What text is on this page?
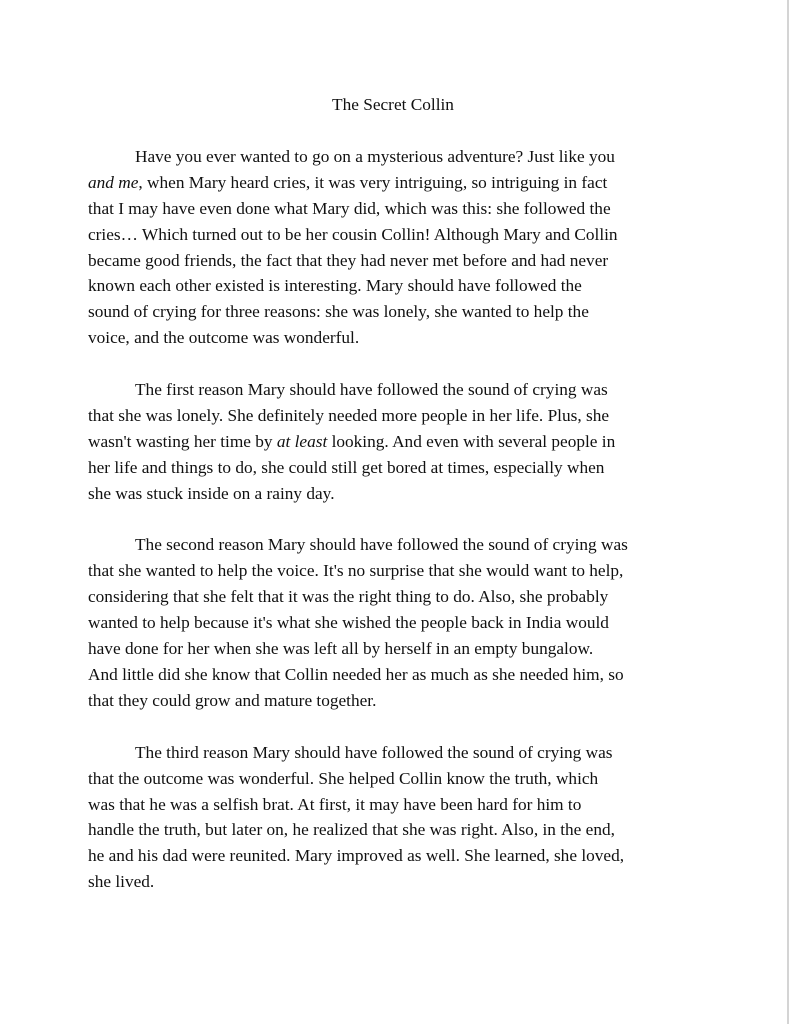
The Secret Collin
Have you ever wanted to go on a mysterious adventure? Just like you
and me, when Mary heard cries, it was very intriguing, so intriguing in fact
that I may have even done what Mary did, which was this: she followed the
cries… Which turned out to be her cousin Collin! Although Mary and Collin
became good friends, the fact that they had never met before and had never
known each other existed is interesting. Mary should have followed the
sound of crying for three reasons: she was lonely, she wanted to help the
voice, and the outcome was wonderful.
The first reason Mary should have followed the sound of crying was
that she was lonely. She definitely needed more people in her life. Plus, she
wasn't wasting her time by at least looking. And even with several people in
her life and things to do, she could still get bored at times, especially when
she was stuck inside on a rainy day.
The second reason Mary should have followed the sound of crying was
that she wanted to help the voice. It's no surprise that she would want to help,
considering that she felt that it was the right thing to do. Also, she probably
wanted to help because it's what she wished the people back in India would
have done for her when she was left all by herself in an empty bungalow.
And little did she know that Collin needed her as much as she needed him, so
that they could grow and mature together.
The third reason Mary should have followed the sound of crying was
that the outcome was wonderful. She helped Collin know the truth, which
was that he was a selfish brat. At first, it may have been hard for him to
handle the truth, but later on, he realized that she was right. Also, in the end,
he and his dad were reunited. Mary improved as well. She learned, she loved,
she lived.
